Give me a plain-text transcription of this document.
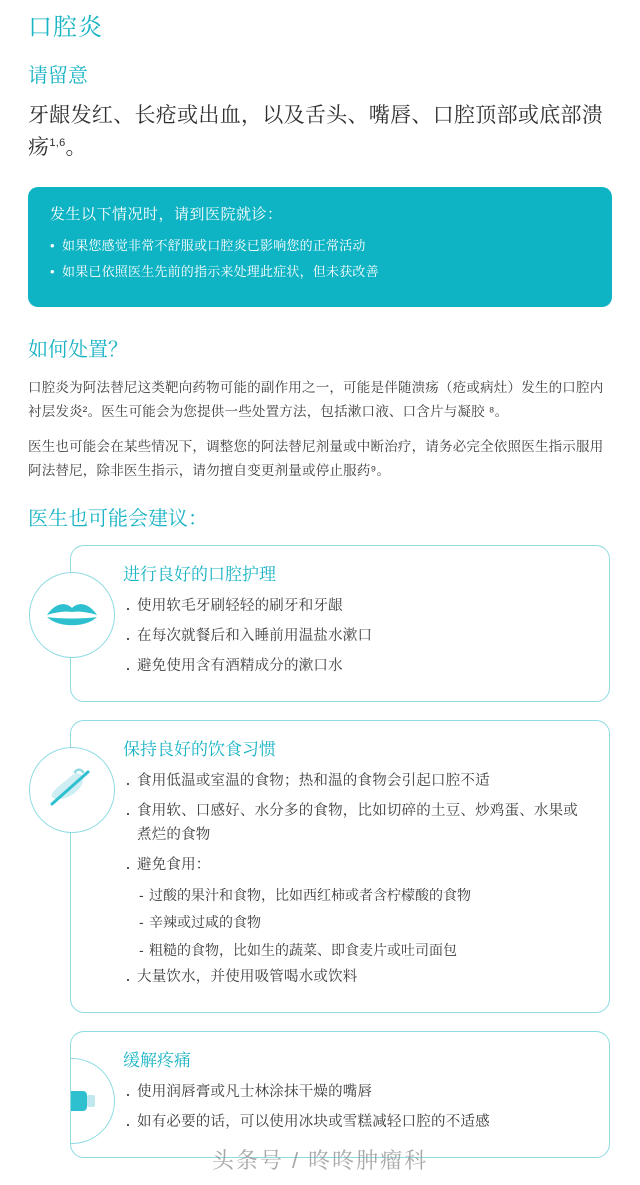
口腔炎
请留意

牙龈发红、长疮或出血，以及舌头、嘴唇、口腔顶部或底部溃疡$^{1,6}$。

发生以下情况时，请到医院就诊：
• 如果您感觉非常不舒服或口腔炎已影响您的正常活动
• 如果已依照医生先前的指示来处理此症状，但未获改善
如何处置？

口腔炎为阿法替尼这类靶向药物可能的副作用之一，可能是伴随溃疡（疮或病灶）发生的口腔内衬层发炎²。医生可能会为您提供一些处置方法，包括漱口液、口含片与凝胶 ⁸。

医生也可能会在某些情况下，调整您的阿法替尼剂量或中断治疗，请务必完全依照医生指示服用阿法替尼，除非医生指示，请勿擅自变更剂量或停止服药⁹。

医生也可能会建议：
进行良好的口腔护理
· 使用软毛牙刷轻轻的刷牙和牙龈
· 在每次就餐后和入睡前用温盐水漱口
· 避免使用含有酒精成分的漱口水
保持良好的饮食习惯
· 食用低温或室温的食物；热和温的食物会引起口腔不适
· 食用软、口感好、水分多的食物，比如切碎的土豆、炒鸡蛋、水果或煮烂的食物
· 避免食用：
- 过酸的果汁和食物，比如西红柿或者含柠檬酸的食物
- 辛辣或过咸的食物
- 粗糙的食物，比如生的蔬菜、即食麦片或吐司面包
· 大量饮水，并使用吸管喝水或饮料
缓解疼痛
· 使用润唇膏或凡士林涂抹干燥的嘴唇
· 如有必要的话，可以使用冰块或雪糕减轻口腔的不适感
头条号 / 咚咚肿瘤科
